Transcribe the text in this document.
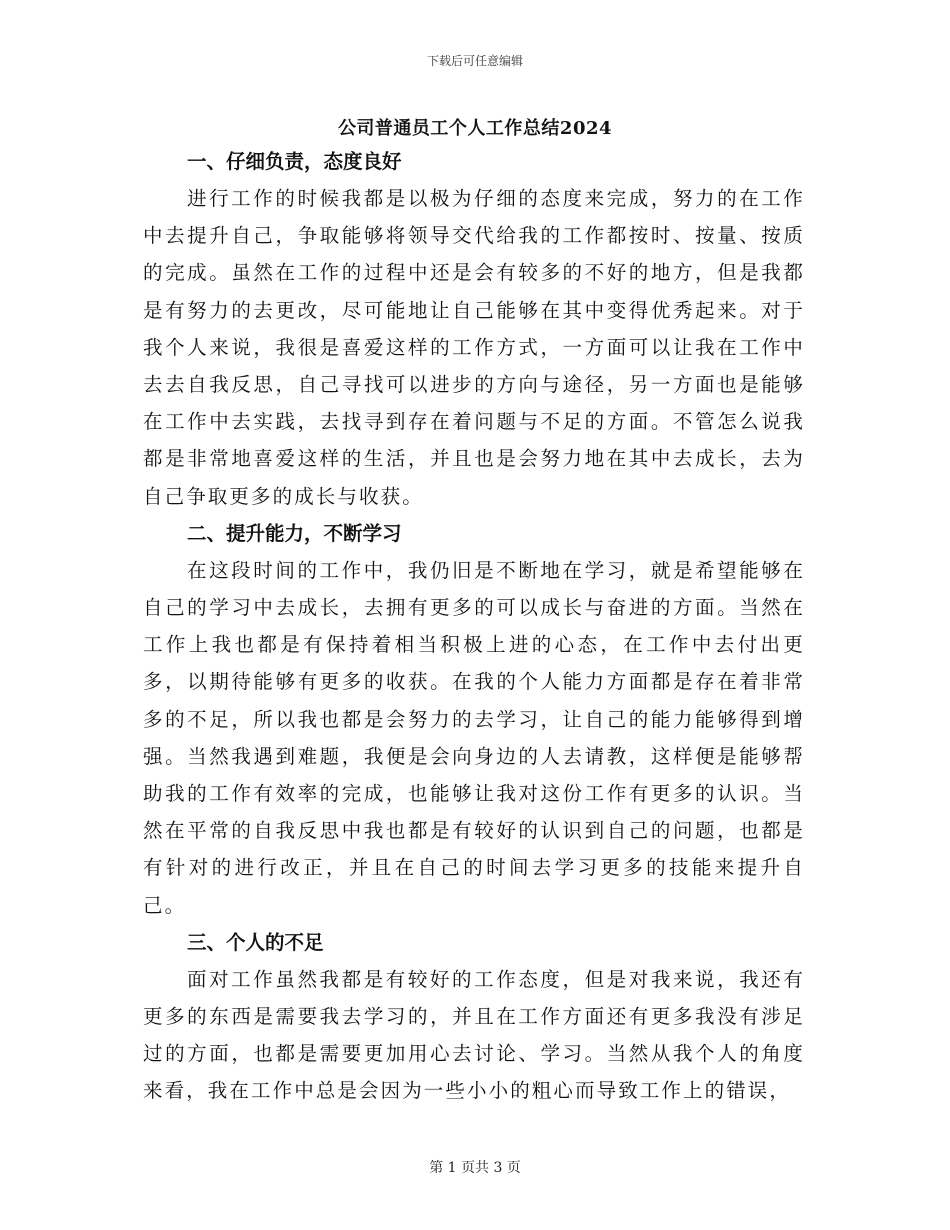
下载后可任意编辑
公司普通员工个人工作总结2024
一、仔细负责，态度良好

进行工作的时候我都是以极为仔细的态度来完成，努力的在工作中去提升自己，争取能够将领导交代给我的工作都按时、按量、按质的完成。虽然在工作的过程中还是会有较多的不好的地方，但是我都是有努力的去更改，尽可能地让自己能够在其中变得优秀起来。对于我个人来说，我很是喜爱这样的工作方式，一方面可以让我在工作中去去自我反思，自己寻找可以进步的方向与途径，另一方面也是能够在工作中去实践，去找寻到存在着问题与不足的方面。不管怎么说我都是非常地喜爱这样的生活，并且也是会努力地在其中去成长，去为自己争取更多的成长与收获。

二、提升能力，不断学习

在这段时间的工作中，我仍旧是不断地在学习，就是希望能够在自己的学习中去成长，去拥有更多的可以成长与奋进的方面。当然在工作上我也都是有保持着相当积极上进的心态，在工作中去付出更多，以期待能够有更多的收获。在我的个人能力方面都是存在着非常多的不足，所以我也都是会努力的去学习，让自己的能力能够得到增强。当然我遇到难题，我便是会向身边的人去请教，这样便是能够帮助我的工作有效率的完成，也能够让我对这份工作有更多的认识。当然在平常的自我反思中我也都是有较好的认识到自己的问题，也都是有针对的进行改正，并且在自己的时间去学习更多的技能来提升自己。

三、个人的不足

面对工作虽然我都是有较好的工作态度，但是对我来说，我还有更多的东西是需要我去学习的，并且在工作方面还有更多我没有涉足过的方面，也都是需要更加用心去讨论、学习。当然从我个人的角度来看，我在工作中总是会因为一些小小的粗心而导致工作上的错误，

第 1 页共 3 页
